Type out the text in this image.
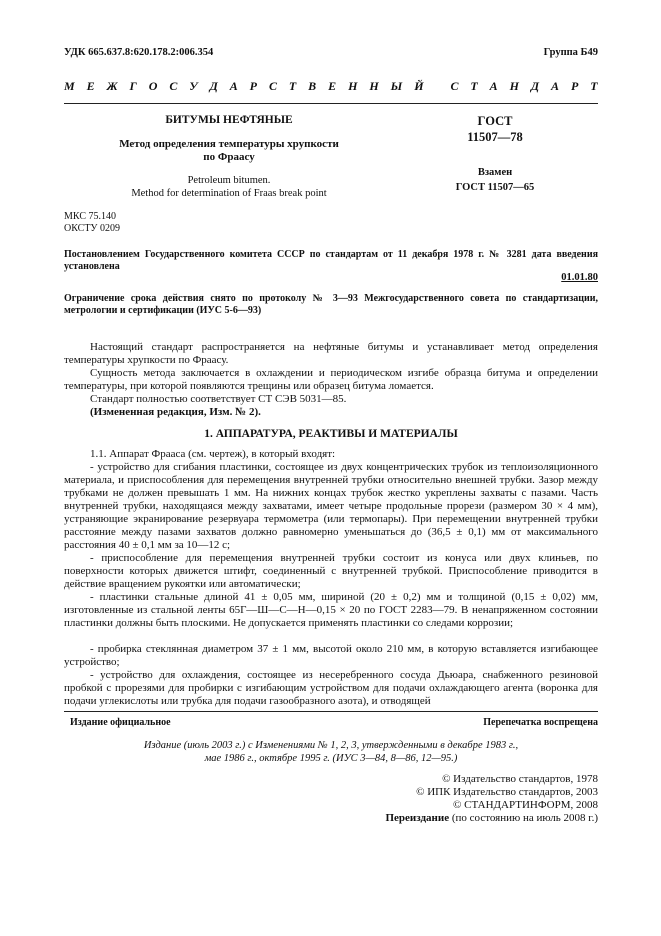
УДК 665.637.8:620.178.2:006.354	Группа Б49
М Е Ж Г О С У Д А Р С Т В Е Н Н Ы Й
С Т А Н Д А Р Т
БИТУМЫ НЕФТЯНЫЕ
Метод определения температуры хрупкости
по Фраасу
Petroleum bitumen.
Method for determination of Fraas break point
ГОСТ
11507—78
Взамен
ГОСТ 11507—65
МКС 75.140
ОКСТУ 0209
Постановлением Государственного комитета СССР по стандартам от 11 декабря 1978 г. № 3281 дата введения установлена
01.01.80
Ограничение срока действия снято по протоколу № 3—93 Межгосударственного совета по стандартизации, метрологии и сертификации (ИУС 5-6—93)
Настоящий стандарт распространяется на нефтяные битумы и устанавливает метод определения температуры хрупкости по Фраасу.
Сущность метода заключается в охлаждении и периодическом изгибе образца битума и определении температуры, при которой появляются трещины или образец битума ломается.
Стандарт полностью соответствует СТ СЭВ 5031—85.
(Измененная редакция, Изм. № 2).
1. АППАРАТУРА, РЕАКТИВЫ И МАТЕРИАЛЫ
1.1. Аппарат Фрааса (см. чертеж), в который входят:
- устройство для сгибания пластинки, состоящее из двух концентрических трубок из теплоизоляционного материала, и приспособления для перемещения внутренней трубки относительно внешней трубки. Зазор между трубками не должен превышать 1 мм. На нижних концах трубок жестко укреплены захваты с пазами. Часть внутренней трубки, находящаяся между захватами, имеет четыре продольные прорези (размером 30 × 4 мм), устраняющие экранирование резервуара термометра (или термопары). При перемещении внутренней трубки расстояние между пазами захватов должно равномерно уменьшаться до (36,5 ± 0,1) мм от максимального расстояния 40 ± 0,1 мм за 10—12 с;
- приспособление для перемещения внутренней трубки состоит из конуса или двух клиньев, по поверхности которых движется штифт, соединенный с внутренней трубкой. Приспособление приводится в действие вращением рукоятки или автоматически;
- пластинки стальные длиной 41 ± 0,05 мм, шириной (20 ± 0,2) мм и толщиной (0,15 ± 0,02) мм, изготовленные из стальной ленты 65Г—Ш—С—Н—0,15 × 20 по ГОСТ 2283—79. В ненапряженном состоянии пластинки должны быть плоскими. Не допускается применять пластинки со следами коррозии;
- пробирка стеклянная диаметром 37 ± 1 мм, высотой около 210 мм, в которую вставляется изгибающее устройство;
- устройство для охлаждения, состоящее из несеребренного сосуда Дьюара, снабженного резиновой пробкой с прорезями для пробирки с изгибающим устройством для подачи охлаждающего агента (воронка для подачи углекислоты или трубка для подачи газообразного азота), и отводящей
Издание официальное	Перепечатка воспрещена
Издание (июль 2003 г.) с Изменениями № 1, 2, 3, утвержденными в декабре 1983 г.,
мае 1986 г., октябре 1995 г. (ИУС 3—84, 8—86, 12—95.)
© Издательство стандартов, 1978
© ИПК Издательство стандартов, 2003
© СТАНДАРТИНФОРМ, 2008
Переиздание (по состоянию на июль 2008 г.)
